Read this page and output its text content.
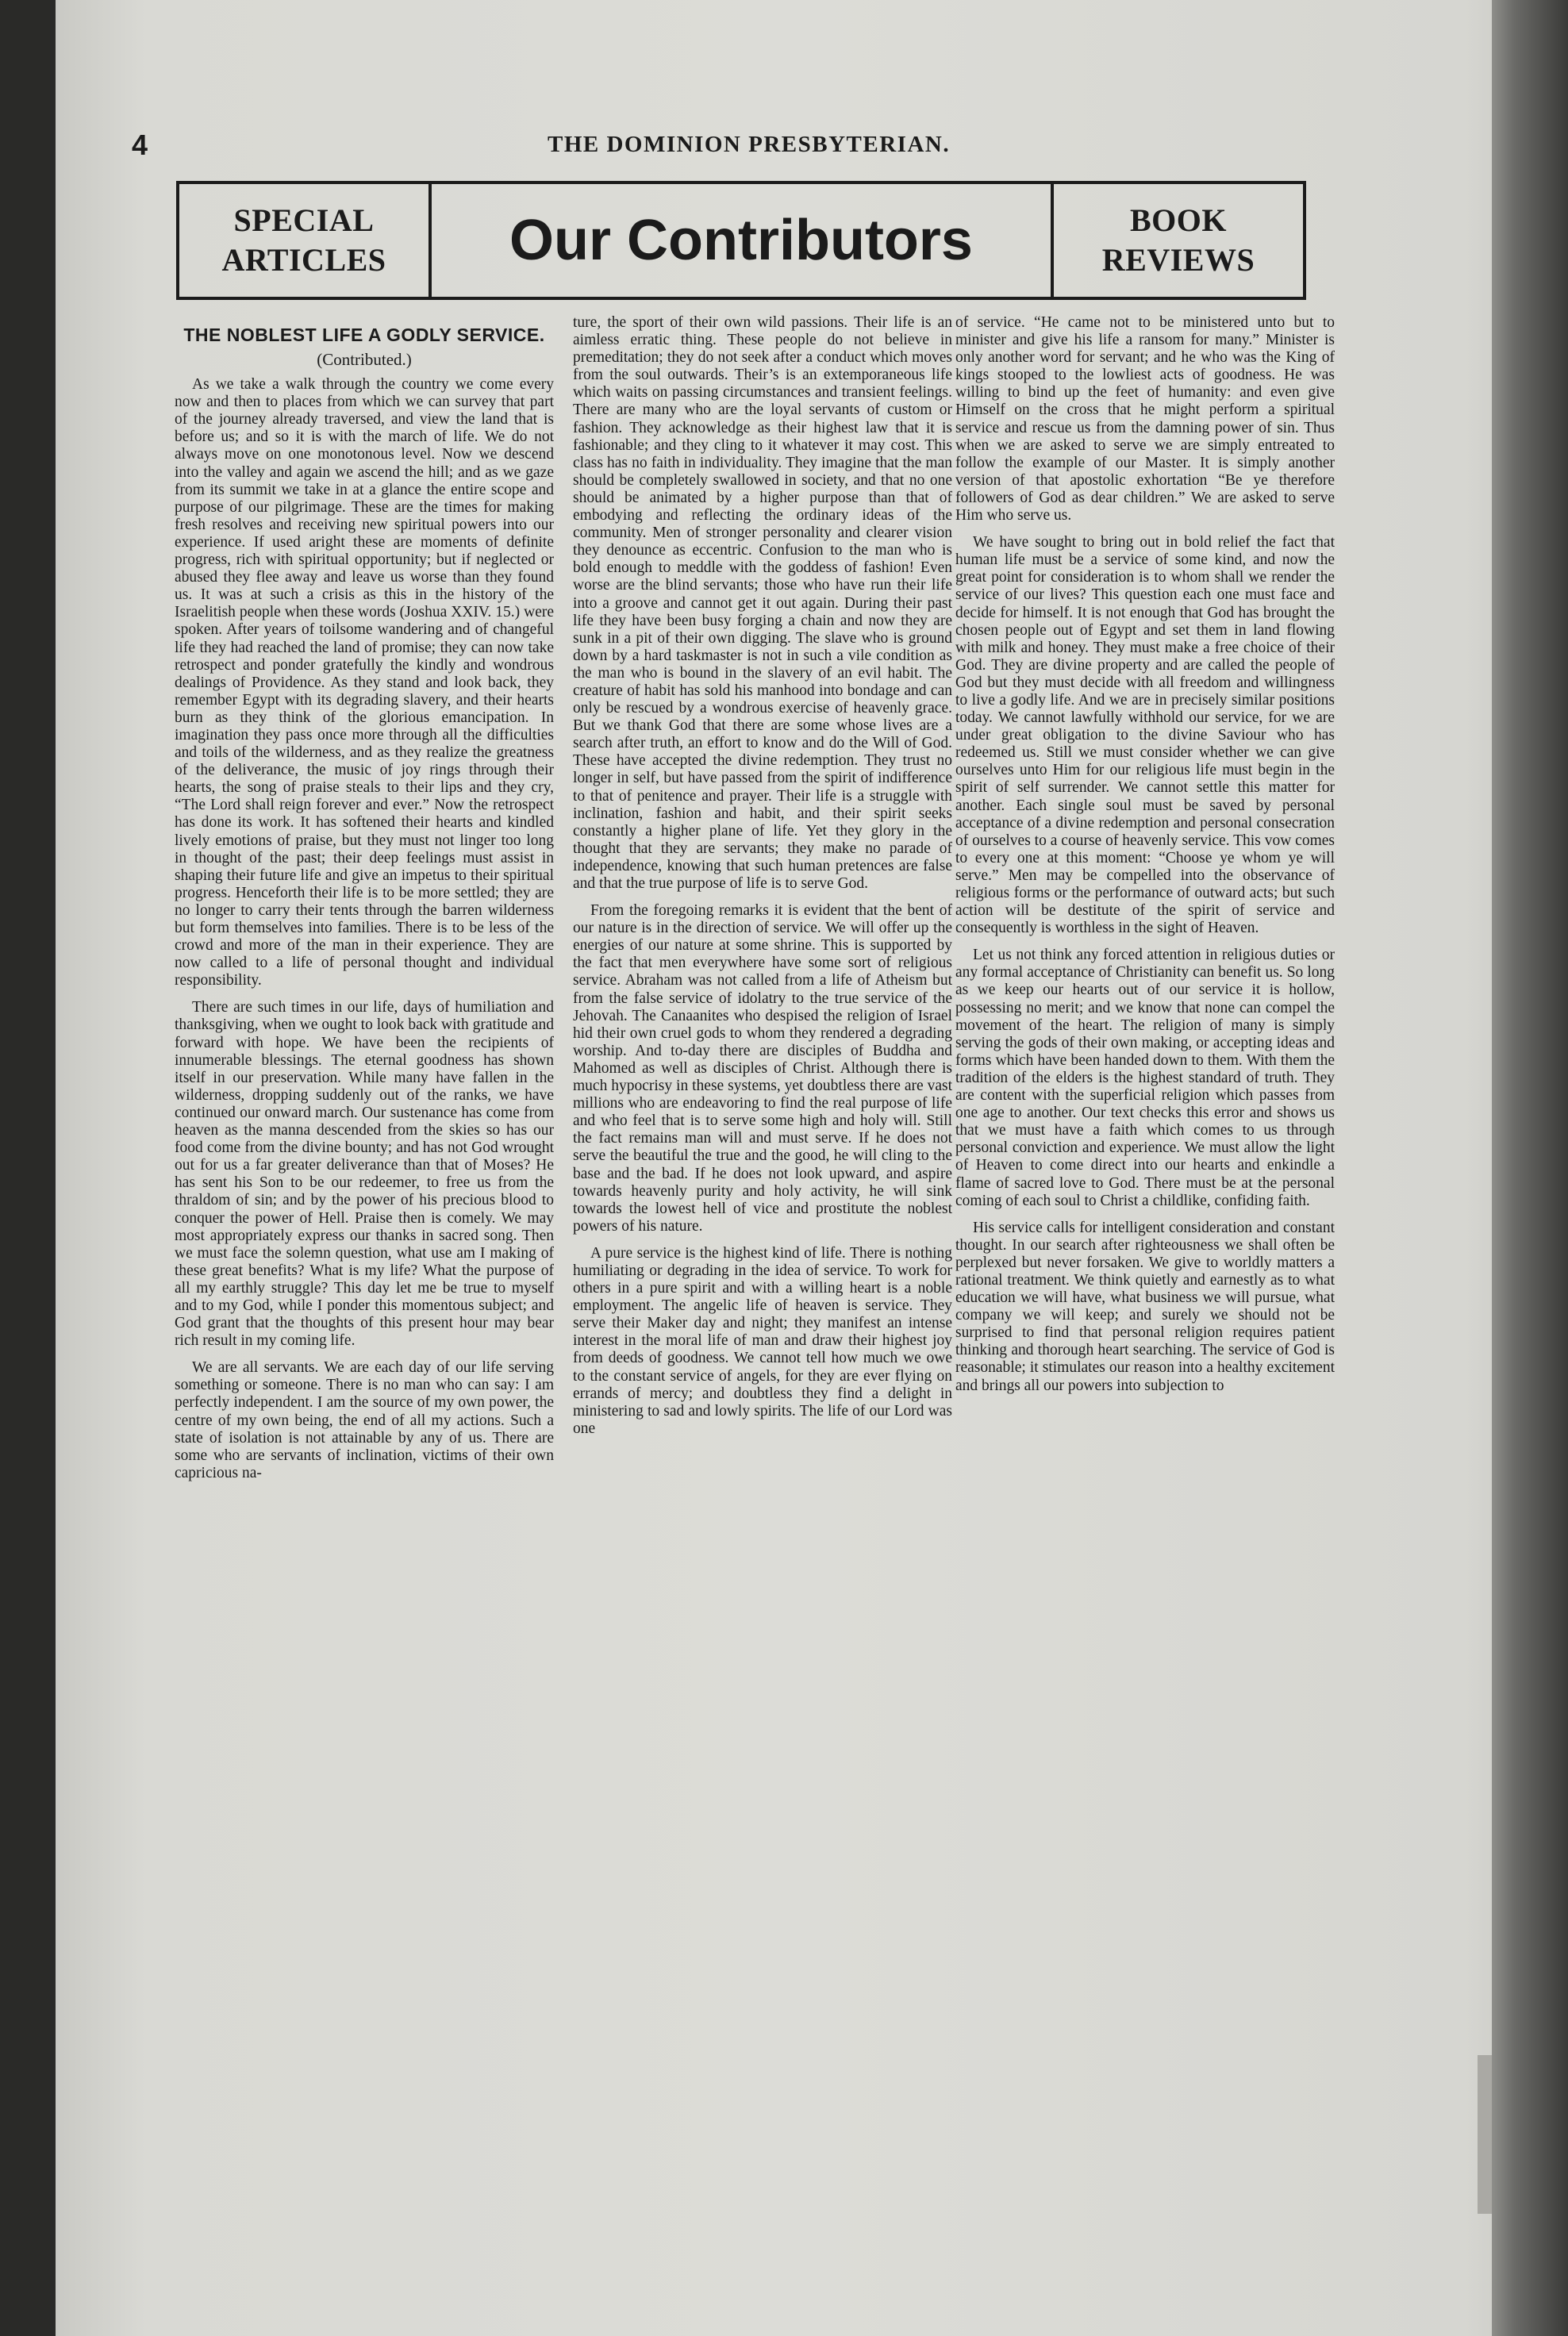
4	THE DOMINION PRESBYTERIAN.
SPECIAL
ARTICLES	Our Contributors	BOOK
REVIEWS
THE NOBLEST LIFE A GODLY SERVICE.
(Contributed.)

As we take a walk through the country we come every now and then to places from which we can survey that part of the journey already traversed, and view the land that is before us; and so it is with the march of life. We do not always move on one monotonous level. Now we descend into the valley and again we ascend the hill; and as we gaze from its summit we take in at a glance the entire scope and purpose of our pilgrimage. These are the times for making fresh resolves and receiving new spiritual powers into our experience. If used aright these are moments of definite progress, rich with spiritual opportunity; but if neglected or abused they flee away and leave us worse than they found us. It was at such a crisis as this in the history of the Israelitish people when these words (Joshua XXIV. 15.) were spoken. After years of toilsome wandering and of changeful life they had reached the land of promise; they can now take retrospect and ponder gratefully the kindly and wondrous dealings of Providence. As they stand and look back, they remember Egypt with its degrading slavery, and their hearts burn as they think of the glorious emancipation. In imagination they pass once more through all the difficulties and toils of the wilderness, and as they realize the greatness of the deliverance, the music of joy rings through their hearts, the song of praise steals to their lips and they cry, “The Lord shall reign forever and ever.” Now the retrospect has done its work. It has softened their hearts and kindled lively emotions of praise, but they must not linger too long in thought of the past; their deep feelings must assist in shaping their future life and give an impetus to their spiritual progress. Henceforth their life is to be more settled; they are no longer to carry their tents through the barren wilderness but form themselves into families. There is to be less of the crowd and more of the man in their experience. They are now called to a life of personal thought and individual responsibility.

There are such times in our life, days of humiliation and thanksgiving, when we ought to look back with gratitude and forward with hope. We have been the recipients of innumerable blessings. The eternal goodness has shown itself in our preservation. While many have fallen in the wilderness, dropping suddenly out of the ranks, we have continued our onward march. Our sustenance has come from heaven as the manna descended from the skies so has our food come from the divine bounty; and has not God wrought out for us a far greater deliverance than that of Moses? He has sent his Son to be our redeemer, to free us from the thraldom of sin; and by the power of his precious blood to conquer the power of Hell. Praise then is comely. We may most appropriately express our thanks in sacred song. Then we must face the solemn question, what use am I making of these great benefits? What is my life? What the purpose of all my earthly struggle? This day let me be true to myself and to my God, while I ponder this momentous subject; and God grant that the thoughts of this present hour may bear rich result in my coming life.

We are all servants. We are each day of our life serving something or someone. There is no man who can say: I am perfectly independent. I am the source of my own power, the centre of my own being, the end of all my actions. Such a state of isolation is not attainable by any of us. There are some who are servants of inclination, victims of their own capricious na-

ture, the sport of their own wild passions. Their life is an aimless erratic thing. These people do not believe in premeditation; they do not seek after a conduct which moves from the soul outwards. Their’s is an extemporaneous life which waits on passing circumstances and transient feelings. There are many who are the loyal servants of custom or fashion. They acknowledge as their highest law that it is fashionable; and they cling to it whatever it may cost. This class has no faith in individuality. They imagine that the man should be completely swallowed in society, and that no one should be animated by a higher purpose than that of embodying and reflecting the ordinary ideas of the community. Men of stronger personality and clearer vision they denounce as eccentric. Confusion to the man who is bold enough to meddle with the goddess of fashion! Even worse are the blind servants; those who have run their life into a groove and cannot get it out again. During their past life they have been busy forging a chain and now they are sunk in a pit of their own digging. The slave who is ground down by a hard taskmaster is not in such a vile condition as the man who is bound in the slavery of an evil habit. The creature of habit has sold his manhood into bondage and can only be rescued by a wondrous exercise of heavenly grace. But we thank God that there are some whose lives are a search after truth, an effort to know and do the Will of God. These have accepted the divine redemption. They trust no longer in self, but have passed from the spirit of indifference to that of penitence and prayer. Their life is a struggle with inclination, fashion and habit, and their spirit seeks constantly a higher plane of life. Yet they glory in the thought that they are servants; they make no parade of independence, knowing that such human pretences are false and that the true purpose of life is to serve God.

From the foregoing remarks it is evident that the bent of our nature is in the direction of service. We will offer up the energies of our nature at some shrine. This is supported by the fact that men everywhere have some sort of religious service. Abraham was not called from a life of Atheism but from the false service of idolatry to the true service of the Jehovah. The Canaanites who despised the religion of Israel hid their own cruel gods to whom they rendered a degrading worship. And to-day there are disciples of Buddha and Mahomed as well as disciples of Christ. Although there is much hypocrisy in these systems, yet doubtless there are vast millions who are endeavoring to find the real purpose of life and who feel that is to serve some high and holy will. Still the fact remains man will and must serve. If he does not serve the beautiful the true and the good, he will cling to the base and the bad. If he does not look upward, and aspire towards heavenly purity and holy activity, he will sink towards the lowest hell of vice and prostitute the noblest powers of his nature.

A pure service is the highest kind of life. There is nothing humiliating or degrading in the idea of service. To work for others in a pure spirit and with a willing heart is a noble employment. The angelic life of heaven is service. They serve their Maker day and night; they manifest an intense interest in the moral life of man and draw their highest joy from deeds of goodness. We cannot tell how much we owe to the constant service of angels, for they are ever flying on errands of mercy; and doubtless they find a delight in ministering to sad and lowly spirits. The life of our Lord was one

of service. “He came not to be ministered unto but to minister and give his life a ransom for many.” Minister is only another word for servant; and he who was the King of kings stooped to the lowliest acts of goodness. He was willing to bind up the feet of humanity: and even give Himself on the cross that he might perform a spiritual service and rescue us from the damning power of sin. Thus when we are asked to serve we are simply entreated to follow the example of our Master. It is simply another version of that apostolic exhortation “Be ye therefore followers of God as dear children.” We are asked to serve Him who serve us.

We have sought to bring out in bold relief the fact that human life must be a service of some kind, and now the great point for consideration is to whom shall we render the service of our lives? This question each one must face and decide for himself. It is not enough that God has brought the chosen people out of Egypt and set them in land flowing with milk and honey. They must make a free choice of their God. They are divine property and are called the people of God but they must decide with all freedom and willingness to live a godly life. And we are in precisely similar positions today. We cannot lawfully withhold our service, for we are under great obligation to the divine Saviour who has redeemed us. Still we must consider whether we can give ourselves unto Him for our religious life must begin in the spirit of self surrender. We cannot settle this matter for another. Each single soul must be saved by personal acceptance of a divine redemption and personal consecration of ourselves to a course of heavenly service. This vow comes to every one at this moment: “Choose ye whom ye will serve.” Men may be compelled into the observance of religious forms or the performance of outward acts; but such action will be destitute of the spirit of service and consequently is worthless in the sight of Heaven.

Let us not think any forced attention in religious duties or any formal acceptance of Christianity can benefit us. So long as we keep our hearts out of our service it is hollow, possessing no merit; and we know that none can compel the movement of the heart. The religion of many is simply serving the gods of their own making, or accepting ideas and forms which have been handed down to them. With them the tradition of the elders is the highest standard of truth. They are content with the superficial religion which passes from one age to another. Our text checks this error and shows us that we must have a faith which comes to us through personal conviction and experience. We must allow the light of Heaven to come direct into our hearts and enkindle a flame of sacred love to God. There must be at the personal coming of each soul to Christ a childlike, confiding faith.

His service calls for intelligent consideration and constant thought. In our search after righteousness we shall often be perplexed but never forsaken. We give to worldly matters a rational treatment. We think quietly and earnestly as to what education we will have, what business we will pursue, what company we will keep; and surely we should not be surprised to find that personal religion requires patient thinking and thorough heart searching. The service of God is reasonable; it stimulates our reason into a healthy excitement and brings all our powers into subjection to
